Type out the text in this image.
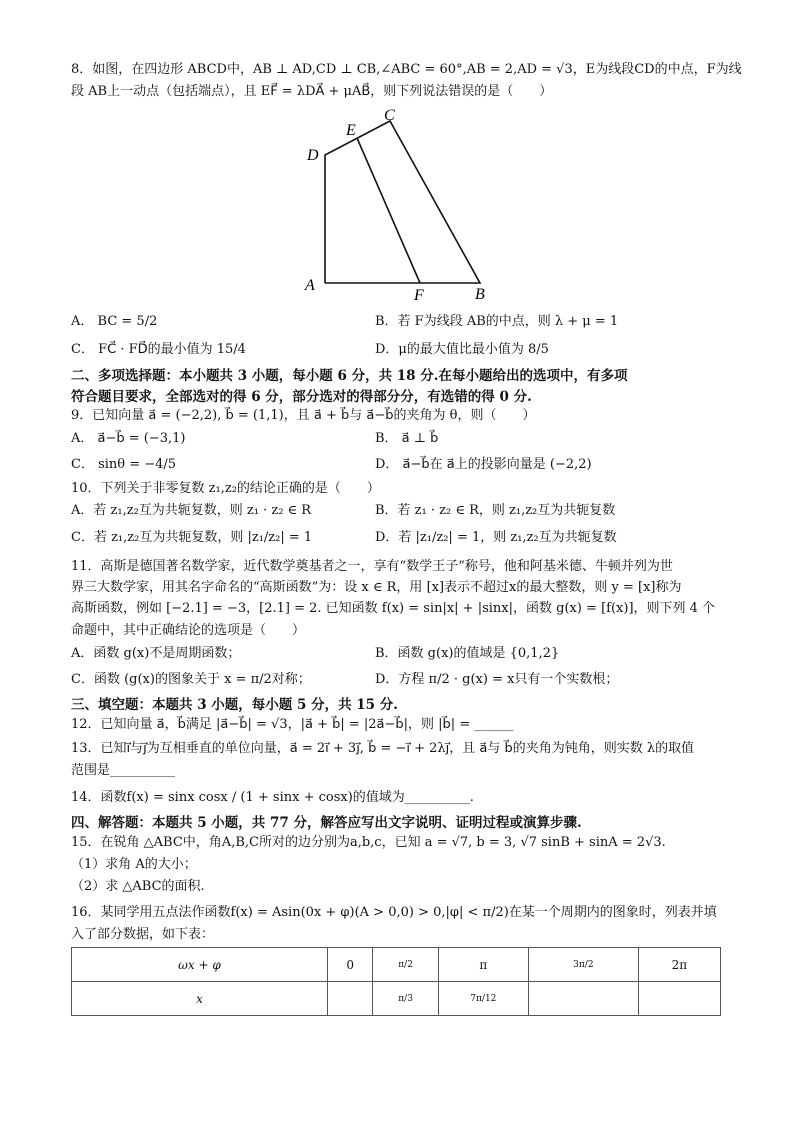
8．如图，在四边形 ABCD中，AB ⊥ AD,CD ⊥ CB,∠ABC = 60°,AB = 2,AD = √3，E为线段CD的中点，F为线
段 AB上一动点（包括端点），且 EF⃗ = λDA⃗ + μAB⃗，则下列说法错误的是（　　）
D
E
C
A
F	B
A． BC = 5/2	B．若 F为线段 AB的中点，则 λ + μ = 1
C． FC⃗ · FD⃗的最小值为 15/4	D．μ的最大值比最小值为 8/5
二、多项选择题：本小题共 3 小题，每小题 6 分，共 18 分.在每小题给出的选项中，有多项
符合题目要求，全部选对的得 6 分，部分选对的得部分分，有选错的得 0 分.
9．已知向量 a⃗ = (−2,2), b⃗ = (1,1)，且 a⃗ + b⃗与 a⃗−b⃗的夹角为 θ，则（　　）
A． a⃗−b⃗ = (−3,1)	B． a⃗ ⊥ b⃗
C． sinθ = −4/5	D． a⃗−b⃗在 a⃗上的投影向量是 (−2,2)
10．下列关于非零复数 z₁,z₂的结论正确的是（　　）
A．若 z₁,z₂互为共轭复数，则 z₁ · z₂ ∈ R	B．若 z₁ · z₂ ∈ R，则 z₁,z₂互为共轭复数
C．若 z₁,z₂互为共轭复数，则 |z₁/z₂| = 1	D．若 |z₁/z₂| = 1，则 z₁,z₂互为共轭复数
11．高斯是德国著名数学家，近代数学奠基者之一，享有“数学王子”称号，他和阿基米德、牛顿并列为世
界三大数学家，用其名字命名的“高斯函数”为：设 x ∈ R，用 [x]表示不超过x的最大整数，则 y = [x]称为
高斯函数，例如 [−2.1] = −3，[2.1] = 2. 已知函数 f(x) = sin|x| + |sinx|，函数 g(x) = [f(x)]，则下列 4 个
命题中，其中正确结论的选项是（　　）
A．函数 g(x)不是周期函数；	B．函数 g(x)的值域是 {0,1,2}
C．函数 (g(x)的图象关于 x = π/2对称；	D．方程 π/2 · g(x) = x只有一个实数根；
三、填空题：本题共 3 小题，每小题 5 分，共 15 分.
12．已知向量 a⃗，b⃗满足 |a⃗−b⃗| = √3，|a⃗ + b⃗| = |2a⃗−b⃗|，则 |b⃗| = ______
13．已知i⃗与j⃗为互相垂直的单位向量，a⃗ = 2i⃗ + 3j⃗, b⃗ = −i⃗ + 2λj⃗，且 a⃗与 b⃗的夹角为钝角，则实数 λ的取值
范围是__________
14．函数f(x) = sinx cosx / (1 + sinx + cosx)的值域为__________.
四、解答题：本题共 5 小题，共 77 分，解答应写出文字说明、证明过程或演算步骤.
15．在锐角 △ABC中，角A,B,C所对的边分别为a,b,c，已知 a = √7, b = 3, √7 sinB + sinA = 2√3.
（1）求角 A的大小；
（2）求 △ABC的面积.
16．某同学用五点法作函数f(x) = Asin(0x + φ)(A > 0,0) > 0,|φ| < π/2)在某一个周期内的图象时，列表并填
入了部分数据，如下表：
ωx + φ	0	π/2	π	3π/2	2π
x		π/3	7π/12		
